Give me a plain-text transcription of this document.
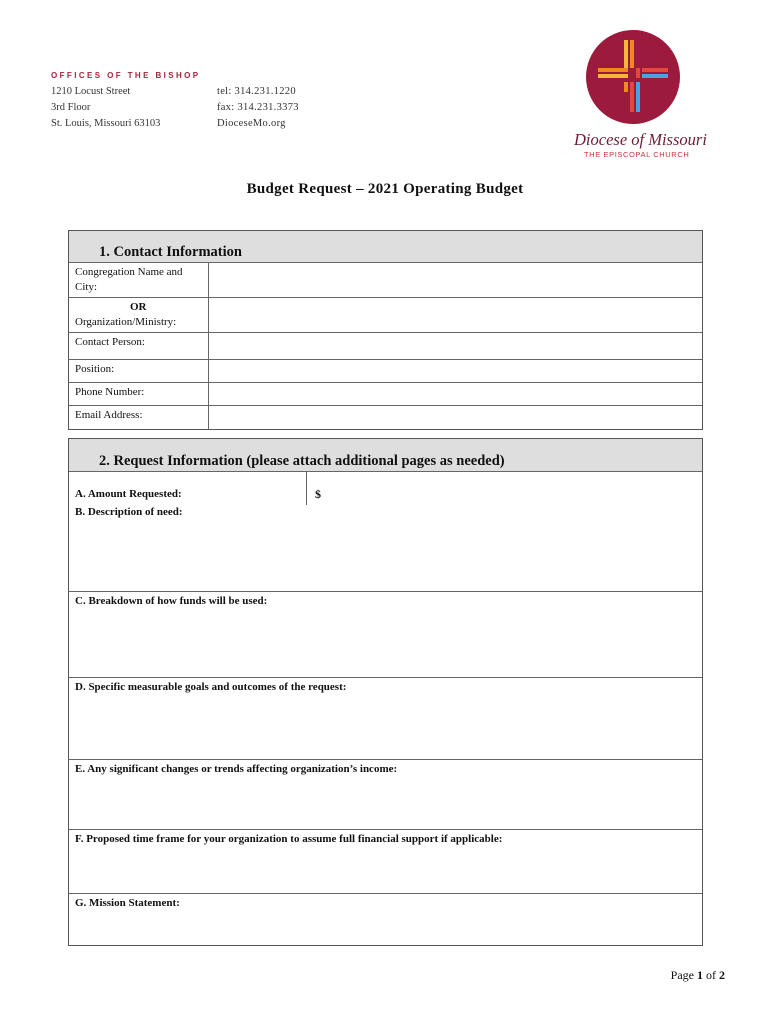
OFFICES OF THE BISHOP
1210 Locust Street
3rd Floor
St. Louis, Missouri 63103
tel: 314.231.1220
fax: 314.231.3373
DioceseMo.org
Diocese of Missouri
THE EPISCOPAL CHURCH
Budget Request – 2021 Operating Budget
1. Contact Information
Congregation Name and City:	

OR
Organization/Ministry:	
Contact Person:	
Position:	
Phone Number:	
Email Address:	
2. Request Information (please attach additional pages as needed)
A. Amount Requested:	$
B. Description of need:
C. Breakdown of how funds will be used:
D. Specific measurable goals and outcomes of the request:
E. Any significant changes or trends affecting organization’s income:
F. Proposed time frame for your organization to assume full financial support if applicable:
G. Mission Statement:
Page 1 of 2
